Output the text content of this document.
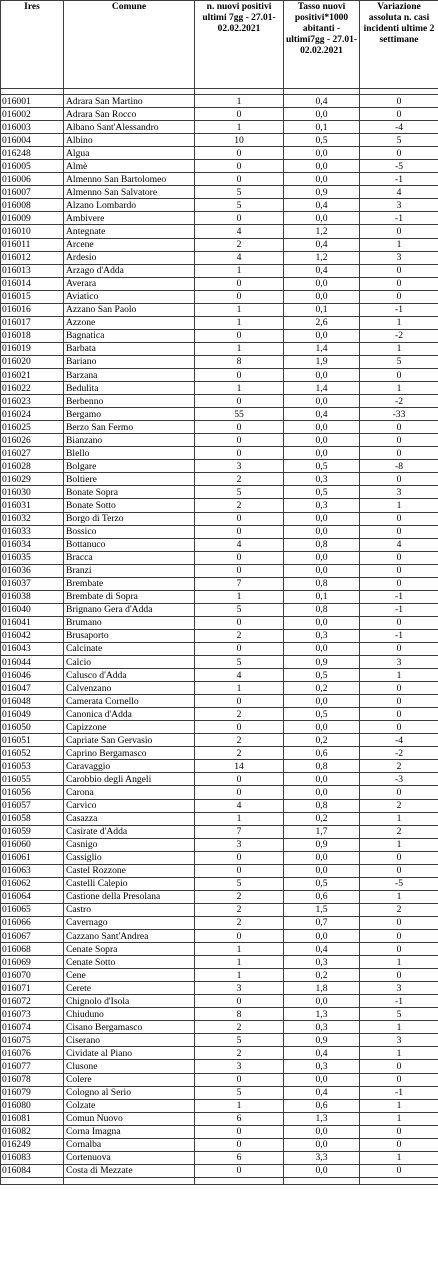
Ires	Comune	n. nuovi positivi ultimi 7gg - 27.01-02.02.2021	Tasso nuovi positivi*1000 abitanti - ultimi7gg - 27.01-02.02.2021	Variazione assoluta n. casi incidenti ultime 2 settimane

016001	Adrara San Martino	1	0,4	0
016002	Adrara San Rocco	0	0,0	0
016003	Albano Sant'Alessandro	1	0,1	-4
016004	Albino	10	0,5	5
016248	Algua	0	0,0	0
016005	Almè	0	0,0	-5
016006	Almenno San Bartolomeo	0	0,0	-1
016007	Almenno San Salvatore	5	0,9	4
016008	Alzano Lombardo	5	0,4	3
016009	Ambivere	0	0,0	-1
016010	Antegnate	4	1,2	0
016011	Arcene	2	0,4	1
016012	Ardesio	4	1,2	3
016013	Arzago d'Adda	1	0,4	0
016014	Averara	0	0,0	0
016015	Aviatico	0	0,0	0
016016	Azzano San Paolo	1	0,1	-1
016017	Azzone	1	2,6	1
016018	Bagnatica	0	0,0	-2
016019	Barbata	1	1,4	1
016020	Bariano	8	1,9	5
016021	Barzana	0	0,0	0
016022	Bedulita	1	1,4	1
016023	Berbenno	0	0,0	-2
016024	Bergamo	55	0,4	-33
016025	Berzo San Fermo	0	0,0	0
016026	Bianzano	0	0,0	0
016027	Blello	0	0,0	0
016028	Bolgare	3	0,5	-8
016029	Boltiere	2	0,3	0
016030	Bonate Sopra	5	0,5	3
016031	Bonate Sotto	2	0,3	1
016032	Borgo di Terzo	0	0,0	0
016033	Bossico	0	0,0	0
016034	Bottanuco	4	0,8	4
016035	Bracca	0	0,0	0
016036	Branzi	0	0,0	0
016037	Brembate	7	0,8	0
016038	Brembate di Sopra	1	0,1	-1
016040	Brignano Gera d'Adda	5	0,8	-1
016041	Brumano	0	0,0	0
016042	Brusaporto	2	0,3	-1
016043	Calcinate	0	0,0	0
016044	Calcio	5	0,9	3
016046	Calusco d'Adda	4	0,5	1
016047	Calvenzano	1	0,2	0
016048	Camerata Cornello	0	0,0	0
016049	Canonica d'Adda	2	0,5	0
016050	Capizzone	0	0,0	0
016051	Capriate San Gervasio	2	0,2	-4
016052	Caprino Bergamasco	2	0,6	-2
016053	Caravaggio	14	0,8	2
016055	Carobbio degli Angeli	0	0,0	-3
016056	Carona	0	0,0	0
016057	Carvico	4	0,8	2
016058	Casazza	1	0,2	1
016059	Casirate d'Adda	7	1,7	2
016060	Casnigo	3	0,9	1
016061	Cassiglio	0	0,0	0
016063	Castel Rozzone	0	0,0	0
016062	Castelli Calepio	5	0,5	-5
016064	Castione della Presolana	2	0,6	1
016065	Castro	2	1,5	2
016066	Cavernago	2	0,7	0
016067	Cazzano Sant'Andrea	0	0,0	0
016068	Cenate Sopra	1	0,4	0
016069	Cenate Sotto	1	0,3	1
016070	Cene	1	0,2	0
016071	Cerete	3	1,8	3
016072	Chignolo d'Isola	0	0,0	-1
016073	Chiuduno	8	1,3	5
016074	Cisano Bergamasco	2	0,3	1
016075	Ciserano	5	0,9	3
016076	Cividate al Piano	2	0,4	1
016077	Clusone	3	0,3	0
016078	Colere	0	0,0	0
016079	Cologno al Serio	5	0,4	-1
016080	Colzate	1	0,6	1
016081	Comun Nuovo	6	1,3	1
016082	Corna Imagna	0	0,0	0
016249	Cornalba	0	0,0	0
016083	Cortenuova	6	3,3	1
016084	Costa di Mezzate	0	0,0	0
